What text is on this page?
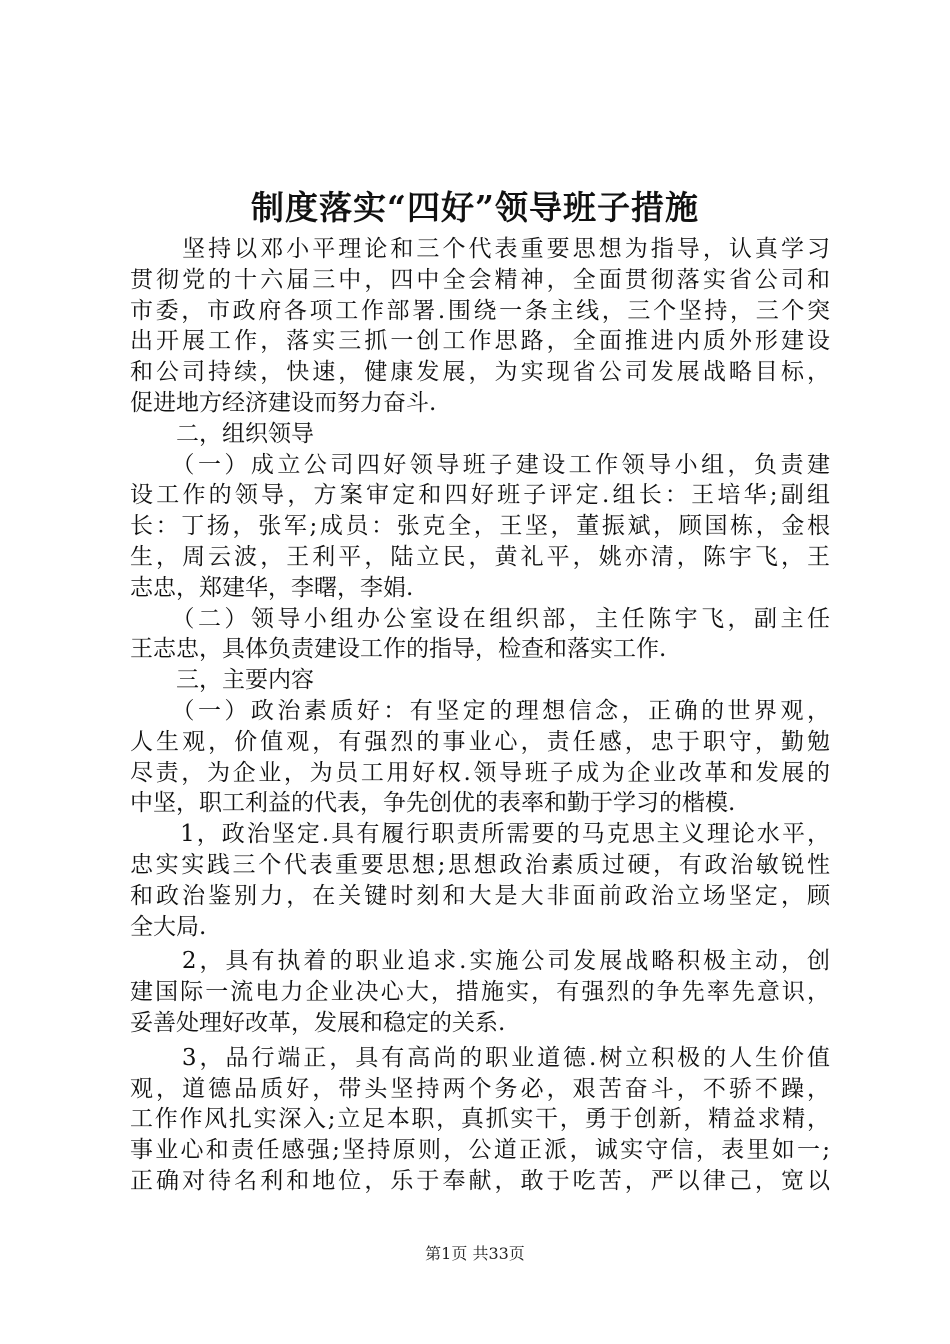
制度落实“四好”领导班子措施
　　坚持以邓小平理论和三个代表重要思想为指导，认真学习
贯彻党的十六届三中，四中全会精神，全面贯彻落实省公司和
市委，市政府各项工作部署.围绕一条主线，三个坚持，三个突
出开展工作，落实三抓一创工作思路，全面推进内质外形建设
和公司持续，快速，健康发展，为实现省公司发展战略目标，
促进地方经济建设而努力奋斗.
　　二，组织领导
　　（一）成立公司四好领导班子建设工作领导小组，负责建
设工作的领导，方案审定和四好班子评定.组长：王培华;副组
长：丁扬，张军;成员：张克全，王坚，董振斌，顾国栋，金根
生，周云波，王利平，陆立民，黄礼平，姚亦清，陈宇飞，王
志忠，郑建华，李曙，李娟.
　　（二）领导小组办公室设在组织部，主任陈宇飞，副主任
王志忠，具体负责建设工作的指导，检查和落实工作.
　　三，主要内容
　　（一）政治素质好：有坚定的理想信念，正确的世界观，
人生观，价值观，有强烈的事业心，责任感，忠于职守，勤勉
尽责，为企业，为员工用好权.领导班子成为企业改革和发展的
中坚，职工利益的代表，争先创优的表率和勤于学习的楷模.
　　1，政治坚定.具有履行职责所需要的马克思主义理论水平，
忠实实践三个代表重要思想;思想政治素质过硬，有政治敏锐性
和政治鉴别力，在关键时刻和大是大非面前政治立场坚定，顾
全大局.
　　2，具有执着的职业追求.实施公司发展战略积极主动，创
建国际一流电力企业决心大，措施实，有强烈的争先率先意识，
妥善处理好改革，发展和稳定的关系.
　　3，品行端正，具有高尚的职业道德.树立积极的人生价值
观，道德品质好，带头坚持两个务必，艰苦奋斗，不骄不躁，
工作作风扎实深入;立足本职，真抓实干，勇于创新，精益求精，
事业心和责任感强;坚持原则，公道正派，诚实守信，表里如一;
正确对待名利和地位，乐于奉献，敢于吃苦，严以律己，宽以
第1页 共33页
